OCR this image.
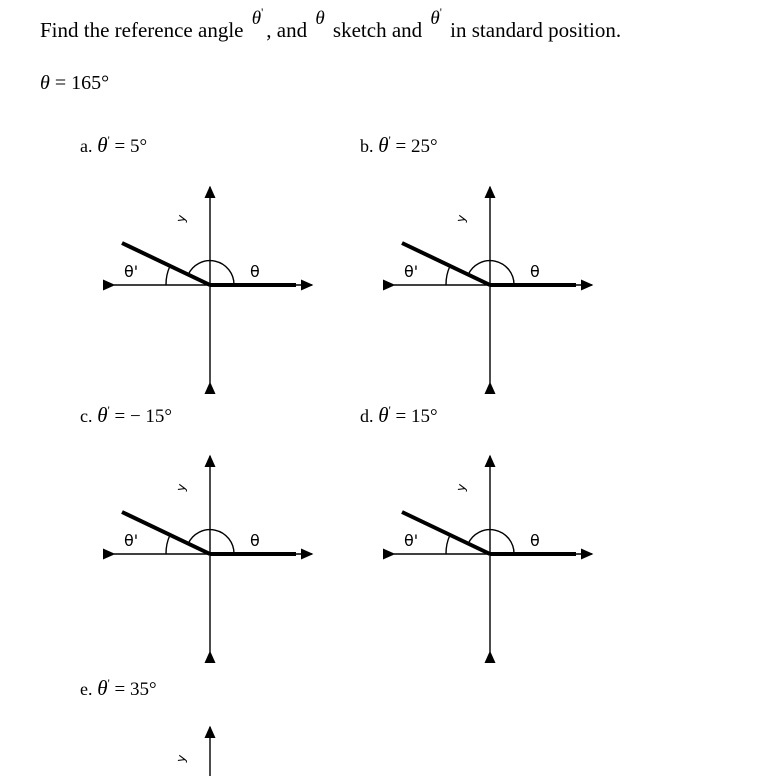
Find the reference angle θ', and θ sketch and θ' in standard position.
θ = 165°
a. θ' = 5°	b. θ' = 25°
c. θ' = − 15°	d. θ' = 15°
e. θ' = 35°
y
θ
θ'
y
θ
θ'
y
θ
θ'
y
θ
θ'
y
